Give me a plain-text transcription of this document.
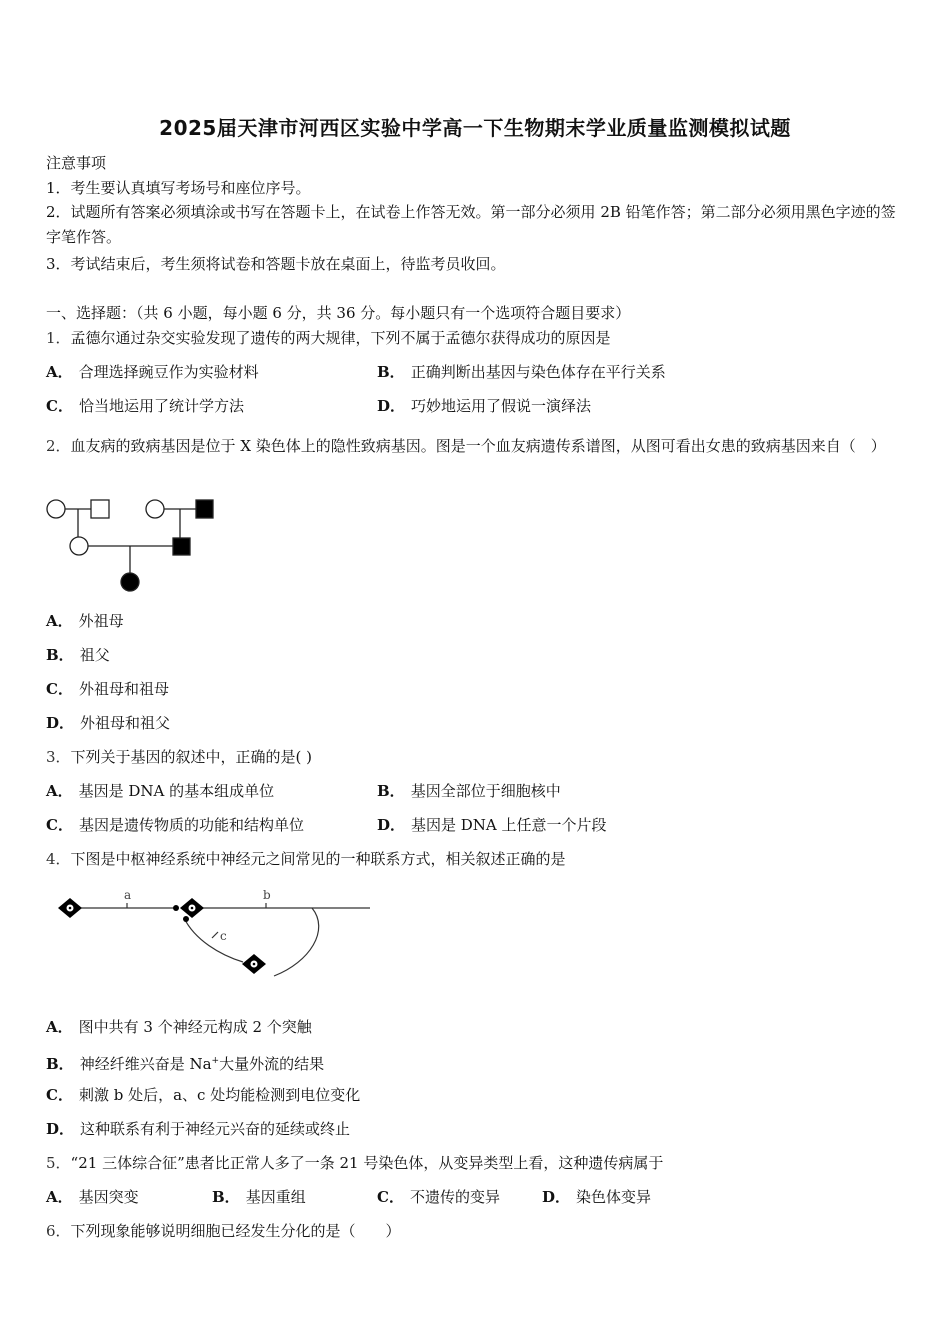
2025届天津市河西区实验中学高一下生物期末学业质量监测模拟试题
注意事项
1．考生要认真填写考场号和座位序号。
2．试题所有答案必须填涂或书写在答题卡上，在试卷上作答无效。第一部分必须用 2B 铅笔作答；第二部分必须用黑色字迹的签字笔作答。
3．考试结束后，考生须将试卷和答题卡放在桌面上，待监考员收回。
一、选择题：（共 6 小题，每小题 6 分，共 36 分。每小题只有一个选项符合题目要求）
1．孟德尔通过杂交实验发现了遗传的两大规律，下列不属于孟德尔获得成功的原因是
A． 合理选择豌豆作为实验材料	B． 正确判断出基因与染色体存在平行关系
C． 恰当地运用了统计学方法	D． 巧妙地运用了假说一演绎法
2．血友病的致病基因是位于 X 染色体上的隐性致病基因。图是一个血友病遗传系谱图，从图可看出女患的致病基因来自（　）
A． 外祖母
B． 祖父
C． 外祖母和祖母
D． 外祖母和祖父
3．下列关于基因的叙述中，正确的是( )
A． 基因是 DNA 的基本组成单位	B． 基因全部位于细胞核中
C． 基因是遗传物质的功能和结构单位	D． 基因是 DNA 上任意一个片段
4．下图是中枢神经系统中神经元之间常见的一种联系方式，相关叙述正确的是
a	b
c
A． 图中共有 3 个神经元构成 2 个突触
B． 神经纤维兴奋是 Na+大量外流的结果
C． 刺激 b 处后，a、c 处均能检测到电位变化
D． 这种联系有利于神经元兴奋的延续或终止
5．“21 三体综合征”患者比正常人多了一条 21 号染色体，从变异类型上看，这种遗传病属于
A． 基因突变	B． 基因重组	C． 不遗传的变异	D． 染色体变异
6．下列现象能够说明细胞已经发生分化的是（　　）
